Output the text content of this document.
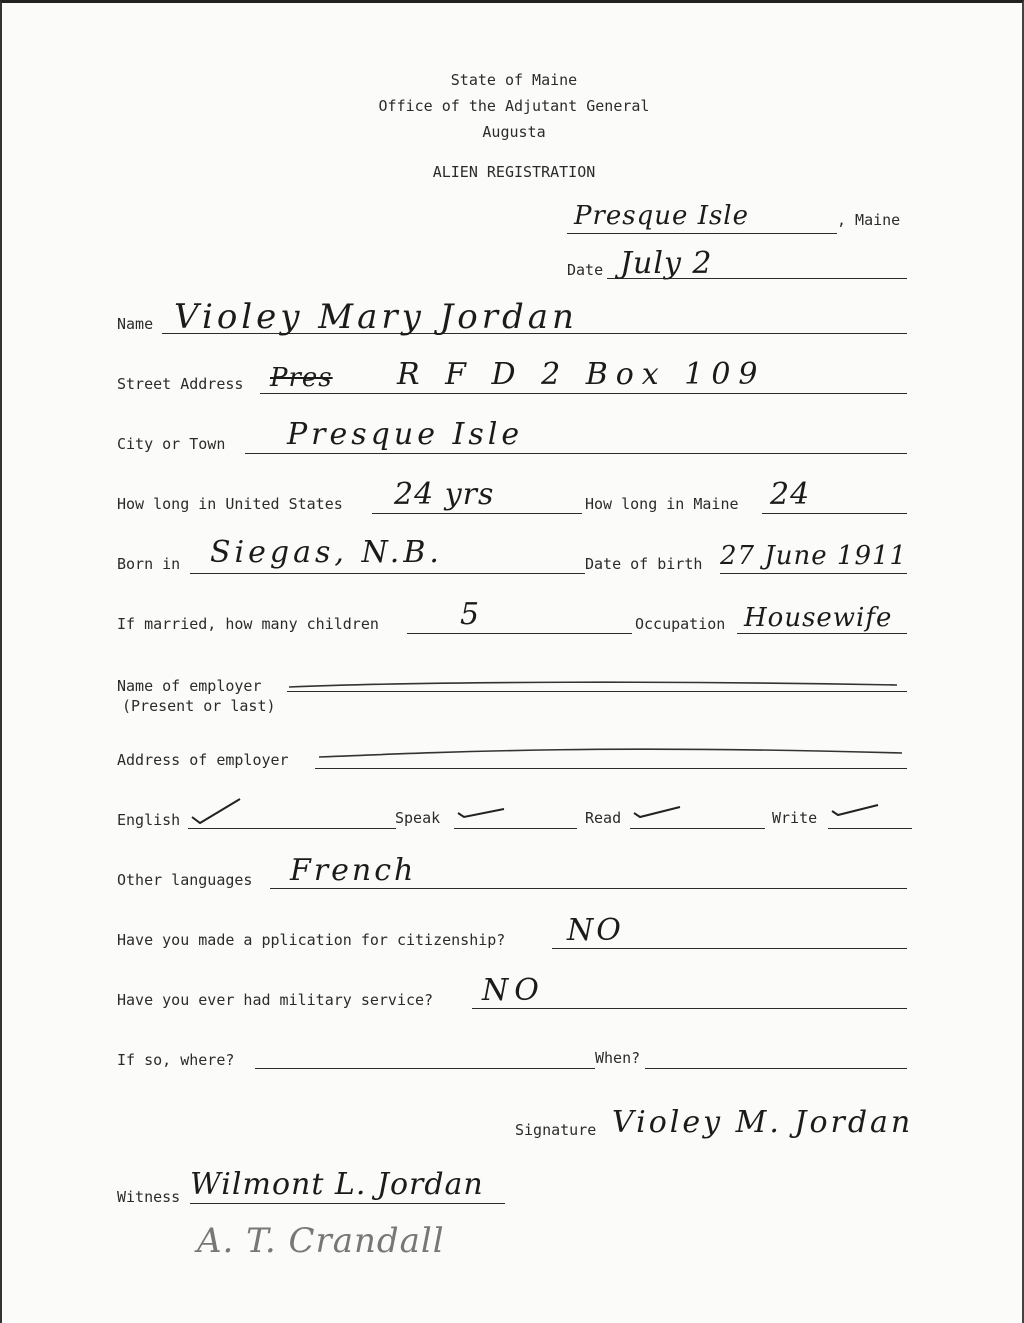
State of Maine
Office of the Adjutant General
Augusta
ALIEN REGISTRATION
Presque Isle	, Maine
Date July 2
Name Violey Mary Jordan
Street Address Pres R F D 2 Box 109
City or Town Presque Isle
How long in United States 24 yrs	How long in Maine 24
Born in Siegas, N.B.	Date of birth 27 June 1911
If married, how many children	5	Occupation Housewife
Name of employer
(Present or last)
Address of employer
English	Speak	Read	Write
Other languages French
Have you made a pplication for citizenship? NO
Have you ever had military service? NO
If so, where?	When?
Signature Violey M. Jordan
Witness Wilmont L. Jordan
A. T. Crandall
